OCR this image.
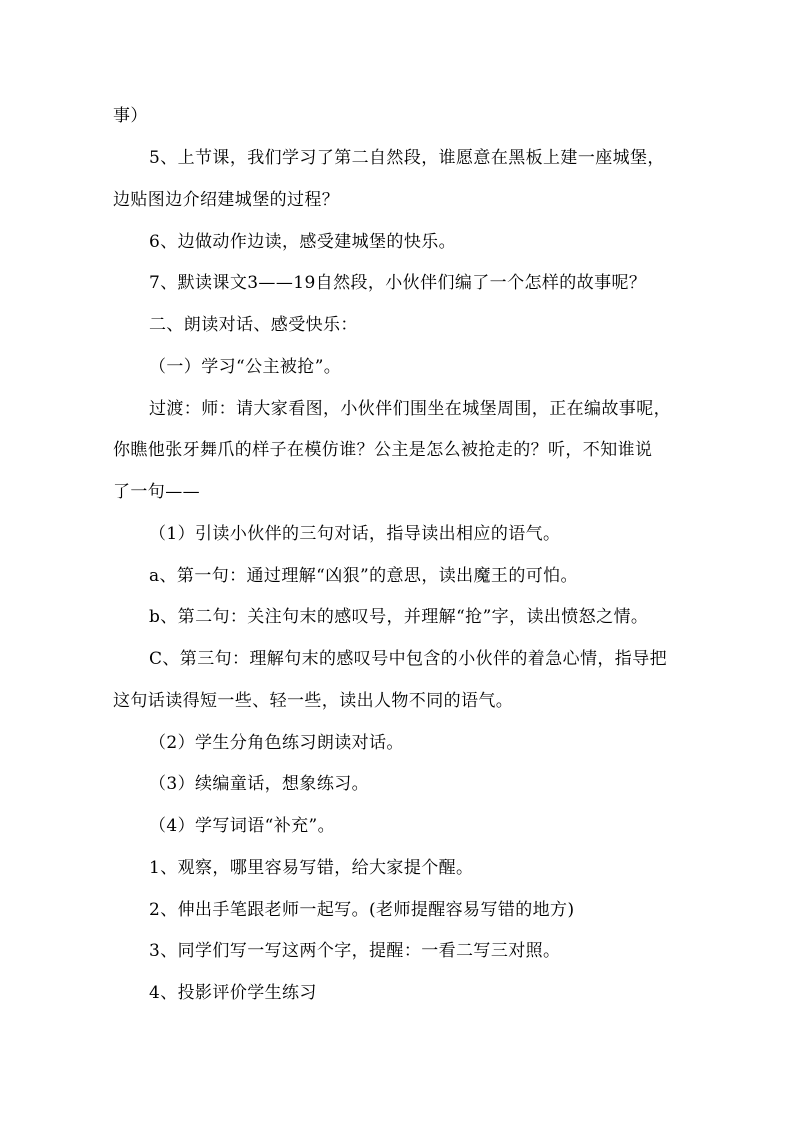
事）
5、上节课，我们学习了第二自然段，谁愿意在黑板上建一座城堡，
边贴图边介绍建城堡的过程？
6、边做动作边读，感受建城堡的快乐。
7、默读课文3——19自然段，小伙伴们编了一个怎样的故事呢？
二、朗读对话、感受快乐：
（一）学习“公主被抢”。
过渡：师：请大家看图，小伙伴们围坐在城堡周围，正在编故事呢，
你瞧他张牙舞爪的样子在模仿谁？公主是怎么被抢走的？听，不知谁说
了一句——
（1）引读小伙伴的三句对话，指导读出相应的语气。
a、第一句：通过理解“凶狠”的意思，读出魔王的可怕。
b、第二句：关注句末的感叹号，并理解“抢”字，读出愤怒之情。
C、第三句：理解句末的感叹号中包含的小伙伴的着急心情，指导把
这句话读得短一些、轻一些，读出人物不同的语气。
（2）学生分角色练习朗读对话。
（3）续编童话，想象练习。
（4）学写词语“补充”。
1、观察，哪里容易写错，给大家提个醒。
2、伸出手笔跟老师一起写。(老师提醒容易写错的地方)
3、同学们写一写这两个字，提醒：一看二写三对照。
4、投影评价学生练习
